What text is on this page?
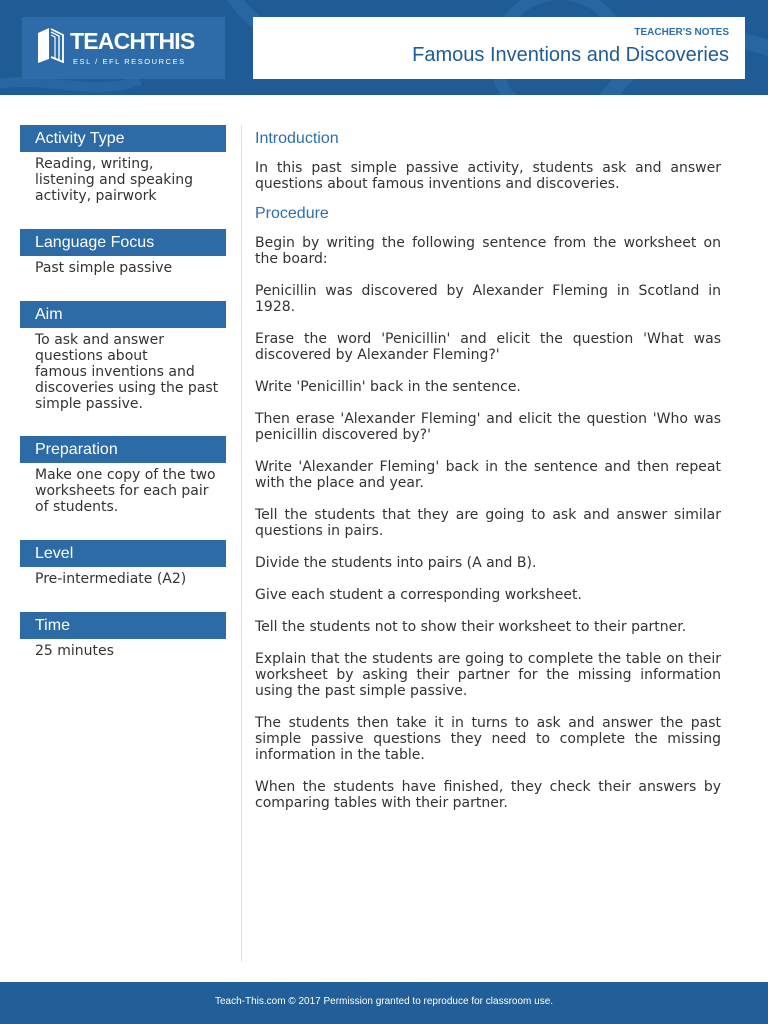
TEACHTHIS
ESL / EFL RESOURCES
TEACHER'S NOTES
Famous Inventions and Discoveries
Activity Type
Reading, writing,
listening and speaking
activity, pairwork
Language Focus
Past simple passive
Aim
To ask and answer
questions about
famous inventions and
discoveries using the past
simple passive.
Preparation
Make one copy of the two
worksheets for each pair
of students.
Level
Pre-intermediate (A2)
Time
25 minutes
Introduction

In this past simple passive activity, students ask and answer questions about famous inventions and discoveries.

Procedure

Begin by writing the following sentence from the worksheet on the board:

Penicillin was discovered by Alexander Fleming in Scotland in 1928.

Erase the word 'Penicillin' and elicit the question 'What was discovered by Alexander Fleming?'

Write 'Penicillin' back in the sentence.

Then erase 'Alexander Fleming' and elicit the question 'Who was penicillin discovered by?'

Write 'Alexander Fleming' back in the sentence and then repeat with the place and year.

Tell the students that they are going to ask and answer similar questions in pairs.

Divide the students into pairs (A and B).

Give each student a corresponding worksheet.

Tell the students not to show their worksheet to their partner.

Explain that the students are going to complete the table on their worksheet by asking their partner for the missing information using the past simple passive.

The students then take it in turns to ask and answer the past simple passive questions they need to complete the missing information in the table.

When the students have finished, they check their answers by comparing tables with their partner.

Teach-This.com © 2017 Permission granted to reproduce for classroom use.
